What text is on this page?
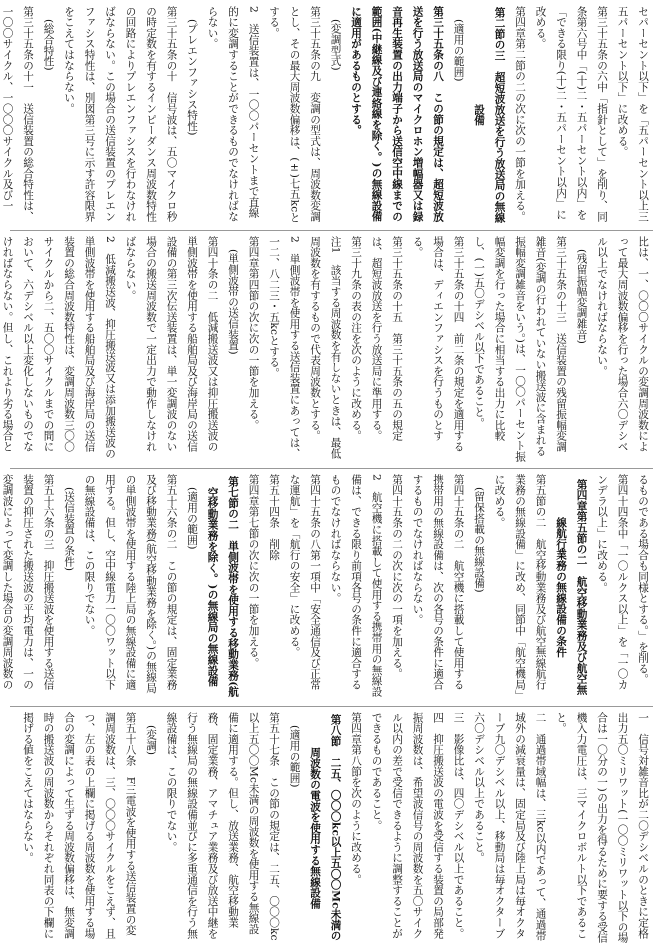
セパーセント以下」を「五パーセント以上三五パーセント以下」に改める。

第三十五条の六中「指針として」を削り、同条第六号中「(十)二・五パーセント以内」を「できる限り(十)二・五パーセント以内」に改める。

第四章第二節の二の次に次の一節を加える。

第二節の三　超短波放送を行う放送局の無線設備

(適用の範囲)

第三十五条の八　この節の規定は、超短波放送を行う放送局のマイクロホン増幅器又は録音再生装置の出力端子から送信空中線までの範囲(中継線及び連絡線を除く。)の無線設備に適用があるものとする。

(変調型式)

第三十五条の九　変調の型式は、周波数変調とし、その最大周波数偏移は、(±)七五kcとする。

2　送信装置は、一〇〇パーセントまで直線的に変調することができるものでなければならない。

(プレエンファシス特性)

第三十五条の十　信号波は、五〇マイクロ秒の時定数を有するインピーダンス周波数特性の回路によりプレエンファシスを行わなければならない。この場合の送信装置のプレエンファシス特性は、別図第三号に示す許容限界をこえてはならない。

(総合特性)

第三十五条の十一　送信装置の総合特性は、一〇〇サイクル、一〇〇〇サイクル及び一

比は、一、〇〇〇サイクルの変調周波数によって最大周波数偏移を行った場合六〇デシベル以上でなければならない。

(残留振幅変調雑音)

第三十五条の十三　送信装置の残留振幅変調雑音(変調の行われていない搬送波に含まれる振幅変調雑音をいう。)は、一〇〇パーセント振幅変調を行った場合に相当する出力に比較し、(一)五〇デシベル以下であること。

第三十五条の十四　前二条の規定を適用する場合は、ディエンファシスを行うものとする。

第三十五条の十五　第三十五条の五の規定は、超短波放送を行う放送局に準用する。

第三十九条の表の注を次のように改める。

注1　該当する周波数を有しないときは、最低周波数を有するもので代表周波数とする。

2　単側波帯を使用する送信装置にあっては、一二、八二三・五kcとする。

第四章第四節の次に次の一節を加える。

(単側波帯の送信装置)

第四十条の二　低減搬送波又は抑圧搬送波の単側波帯を使用する船舶局及び海岸局の送信設備の第三次伝送装置は、単一変調波のない場合の搬送周波数で一定出力で動作しなければならない。

2　低減搬送波、抑圧搬送波又は添加搬送波の単側波帯を使用する船舶局及び海岸局の送信装置の総合周波数特性は、変調周波数三〇〇サイクルから二、五〇〇サイクルまでの間において、六デシベル以上変化しないものでなければならない。但し、これより劣る場合と

るものである場合も同様とする。」を削る。

第四十四条中「一〇ルクス以上」を「一〇カンデラ以上」に改める。

第四章第五節の二　航空移動業務及び航空無線航行業務の無線設備の条件

第五節の二　航空移動業務及び航空無線航行業務の無線設備」に改め、同節中「航空機局」に改める。

(留保搭載の無線設備)

第四十五条の二　航空機に搭載して使用する携帯用の無線設備は、次の各号の条件に適合するものでなければならない。

第四十五条の二の次に次の一項を加える。

2　航空機に搭載して使用する携帯用の無線設備は、できる限り前項各号の条件に適合するものでなければならない。

第四十五条の八第一項中「安全通信及び正常な運航」を「航行の安全」に改める。

第五十四条　削除

第四章第七節の次に次の一節を加える。

第七節の二　単側波帯を使用する移動業務(航空移動業務を除く。)の無線局の無線設備

(適用の範囲)

第五十六条の二　この節の規定は、固定業務及び移動業務(航空移動業務を除く。)の無線局の単側波帯を使用する陸上局の無線設備に適用する。但し、空中線電力一〇〇ワット以下の無線設備は、この限りでない。

(送信装置の条件)

第五十六条の三　抑圧搬送波を使用する送信装置の抑圧された搬送波の平均電力は、一の変調波によって変調した場合の変調周波数の

一　信号対雑音比が二〇デシベルのときに定格出力五〇ミリワット(一〇〇ミリワット以下の場合は一〇分の一)の出力を得るために要する受信機入力電圧は、三マイクロボルト以下であること。

二　通過帯域幅は、三kc以内であって、通過帯域外の減衰量は、固定局及び陸上局は毎オクターブ九〇デシベル以上、移動局は毎オクターブ六〇デシベル以上であること。

三　影像比は、四〇デシベル以上であること。

四　抑圧搬送波の電波を受信する装置の局部発振周波数は、希望波信号の周波数を五〇サイクル以内の差で受信できるように調整することができるものであること。

第四章第八節を次のように改める。

第八節　二五、〇〇〇kc以上五〇〇Mc未満の周波数の電波を使用する無線設備

(適用の範囲)

第五十七条　この節の規定は、二五、〇〇〇kc以上五〇〇Mc未満の周波数を使用する無線設備に適用する。但し、放送業務、航空移動業務、固定業務、アマチュア業務及び放送中継を行う無線局の無線設備並びに多重通信を行う無線設備は、この限りでない。

(変調)

第五十八条　F三電波を使用する送信装置の変調周波数は、三、〇〇〇サイクルをこえず、且つ、左の表の上欄に掲げる周波数を使用する場合の変調によって生ずる周波数偏移は、無変調時の搬送波の周波数からそれぞれ同表の下欄に掲げる値をこえてはならない。
